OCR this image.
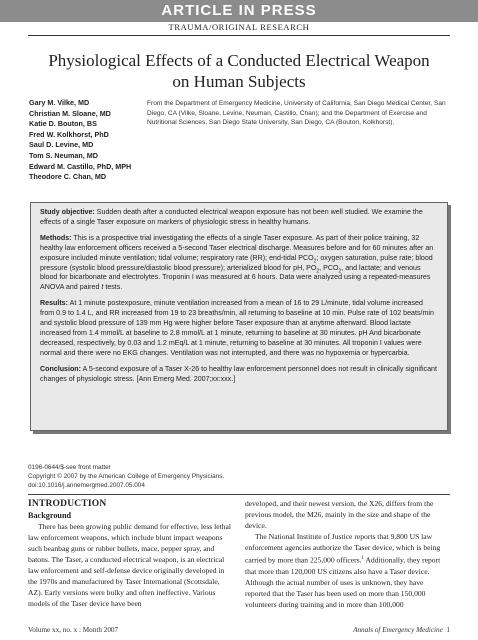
ARTICLE IN PRESS
TRAUMA/ORIGINAL RESEARCH
Physiological Effects of a Conducted Electrical Weapon on Human Subjects
Gary M. Vilke, MD
Christian M. Sloane, MD
Katie D. Bouton, BS
Fred W. Kolkhorst, PhD
Saul D. Levine, MD
Tom S. Neuman, MD
Edward M. Castillo, PhD, MPH
Theodore C. Chan, MD
From the Department of Emergency Medicine, University of California, San Diego Medical Center, San Diego, CA (Vilke, Sloane, Levine, Neuman, Castillo, Chan); and the Department of Exercise and Nutritional Sciences, San Diego State University, San Diego, CA (Bouton, Kolkhorst).

Study objective: Sudden death after a conducted electrical weapon exposure has not been well studied. We examine the effects of a single Taser exposure on markers of physiologic stress in healthy humans.

Methods: This is a prospective trial investigating the effects of a single Taser exposure. As part of their police training, 32 healthy law enforcement officers received a 5-second Taser electrical discharge. Measures before and for 60 minutes after an exposure included minute ventilation; tidal volume; respiratory rate (RR); end-tidal $PCO_2$; oxygen saturation, pulse rate; blood pressure (systolic blood pressure/diastolic blood pressure); arterialized blood for pH, $PO_2$, $PCO_2$, and lactate; and venous blood for bicarbonate and electrolytes. Troponin I was measured at 6 hours. Data were analyzed using a repeated-measures ANOVA and paired t tests.

Results: At 1 minute postexposure, minute ventilation increased from a mean of 16 to 29 L/minute, tidal volume increased from 0.9 to 1.4 L, and RR increased from 19 to 23 breaths/min, all returning to baseline at 10 min. Pulse rate of 102 beats/min and systolic blood pressure of 139 mm Hg were higher before Taser exposure than at anytime afterward. Blood lactate increased from 1.4 mmol/L at baseline to 2.8 mmol/L at 1 minute, returning to baseline at 30 minutes. pH And bicarbonate decreased, respectively, by 0.03 and 1.2 mEq/L at 1 minute, returning to baseline at 30 minutes. All troponin I values were normal and there were no EKG changes. Ventilation was not interrupted, and there was no hypoxemia or hypercarbia.

Conclusion: A 5-second exposure of a Taser X-26 to healthy law enforcement personnel does not result in clinically significant changes of physiologic stress. [Ann Emerg Med. 2007;xx:xxx.]

0196-0644/$-see front matter
Copyright © 2007 by the American College of Emergency Physicians.
doi:10.1016/j.annemergmed.2007.05.004
INTRODUCTION
Background

There has been growing public demand for effective, less lethal law enforcement weapons, which include blunt impact weapons such beanbag guns or rubber bullets, mace, pepper spray, and batons. The Taser, a conducted electrical weapon, is an electrical law enforcement and self-defense device originally developed in the 1970s and manufactured by Taser International (Scottsdale, AZ). Early versions were bulky and often ineffective. Various models of the Taser device have been

developed, and their newest version, the X26, differs from the previous model, the M26, mainly in the size and shape of the device.

The National Institute of Justice reports that 9,800 US law enforcement agencies authorize the Taser device, which is being carried by more than 225,000 officers.$^1$ Additionally, they report that more than 120,000 US citizens also have a Taser device. Although the actual number of uses is unknown, they have reported that the Taser has been used on more than 150,000 volunteers during training and in more than 100,000

Volume xx, no. x : Month 2007	Annals of Emergency Medicine 1
